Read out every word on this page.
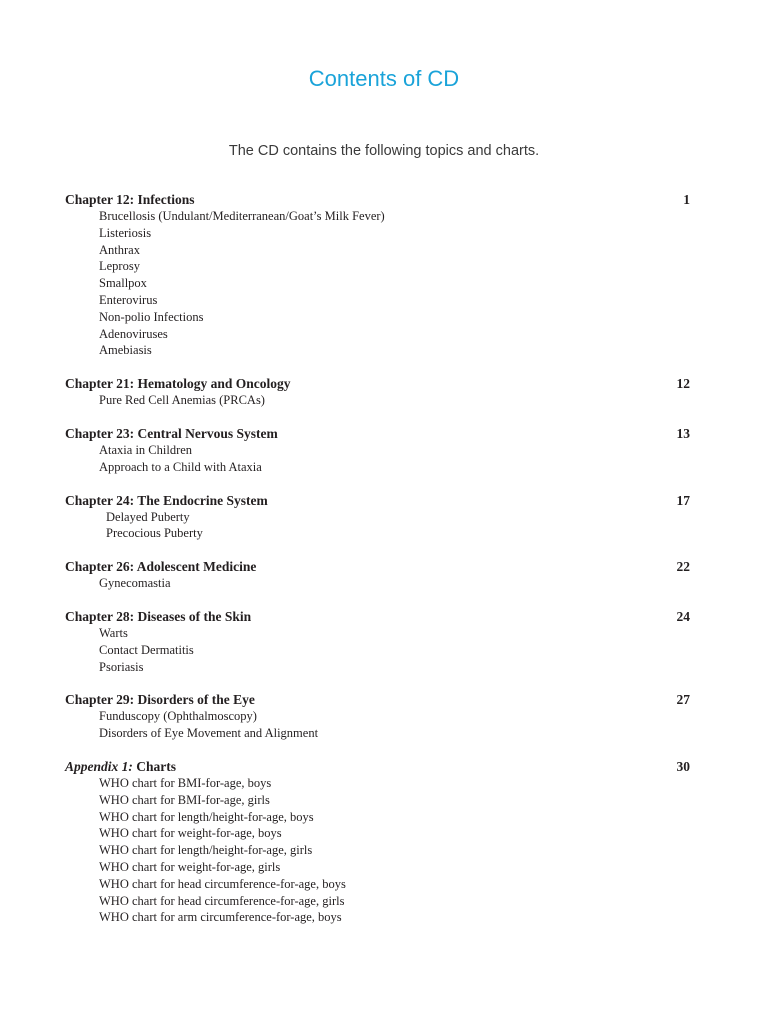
Contents of CD
The CD contains the following topics and charts.
Chapter 12: Infections	1
Brucellosis (Undulant/Mediterranean/Goat’s Milk Fever)
Listeriosis
Anthrax
Leprosy
Smallpox
Enterovirus
Non-polio Infections
Adenoviruses
Amebiasis
Chapter 21: Hematology and Oncology	12
Pure Red Cell Anemias (PRCAs)
Chapter 23: Central Nervous System	13
Ataxia in Children
Approach to a Child with Ataxia
Chapter 24: The Endocrine System	17
Delayed Puberty
Precocious Puberty
Chapter 26: Adolescent Medicine	22
Gynecomastia
Chapter 28: Diseases of the Skin	24
Warts
Contact Dermatitis
Psoriasis
Chapter 29: Disorders of the Eye	27
Funduscopy (Ophthalmoscopy)
Disorders of Eye Movement and Alignment
Appendix 1: Charts	30
WHO chart for BMI-for-age, boys
WHO chart for BMI-for-age, girls
WHO chart for length/height-for-age, boys
WHO chart for weight-for-age, boys
WHO chart for length/height-for-age, girls
WHO chart for weight-for-age, girls
WHO chart for head circumference-for-age, boys
WHO chart for head circumference-for-age, girls
WHO chart for arm circumference-for-age, boys
